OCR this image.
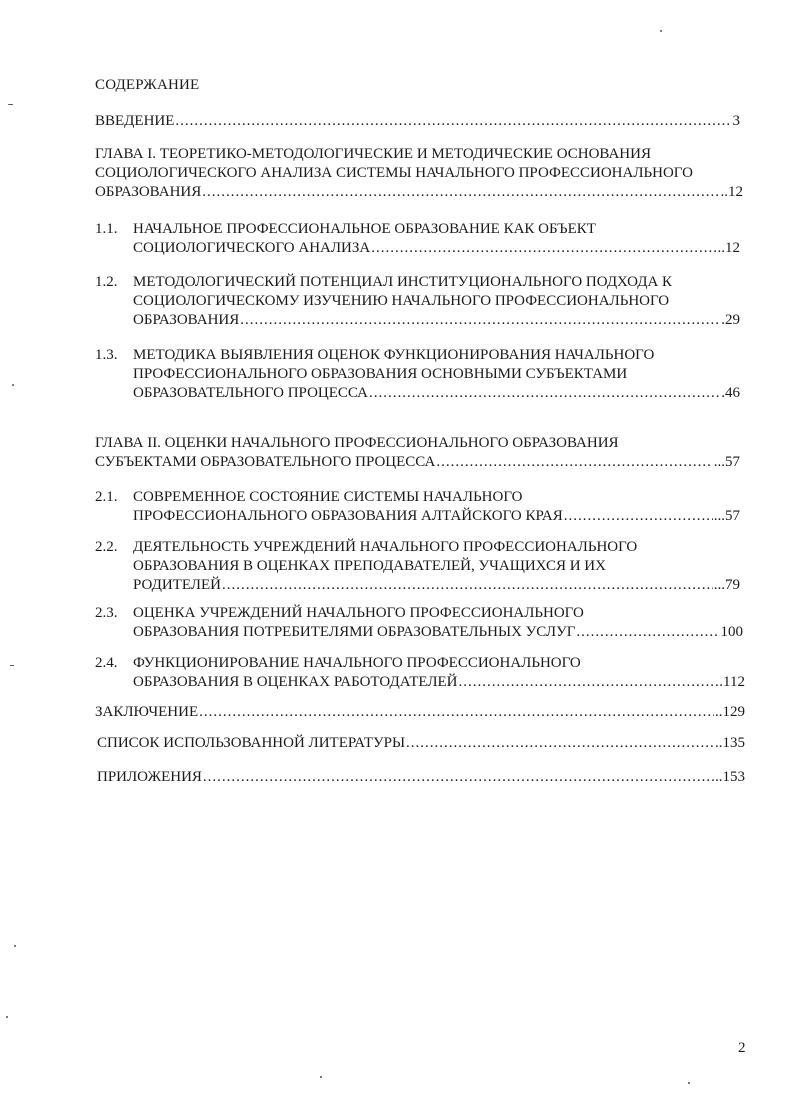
СОДЕРЖАНИЕ
ВВЕДЕНИЕ .....	3
ГЛАВА I. ТЕОРЕТИКО-МЕТОДОЛОГИЧЕСКИЕ И МЕТОДИЧЕСКИЕ ОСНОВАНИЯ
СОЦИОЛОГИЧЕСКОГО АНАЛИЗА СИСТЕМЫ НАЧАЛЬНОГО ПРОФЕССИОНАЛЬНОГО
ОБРАЗОВАНИЯ .....	..12
1.1. НАЧАЛЬНОЕ ПРОФЕССИОНАЛЬНОЕ ОБРАЗОВАНИЕ КАК ОБЪЕКТ
СОЦИОЛОГИЧЕСКОГО АНАЛИЗА .....	..12
1.2. МЕТОДОЛОГИЧЕСКИЙ ПОТЕНЦИАЛ ИНСТИТУЦИОНАЛЬНОГО ПОДХОДА К
СОЦИОЛОГИЧЕСКОМУ ИЗУЧЕНИЮ НАЧАЛЬНОГО ПРОФЕССИОНАЛЬНОГО
ОБРАЗОВАНИЯ .....	.29
1.3. МЕТОДИКА ВЫЯВЛЕНИЯ ОЦЕНОК ФУНКЦИОНИРОВАНИЯ НАЧАЛЬНОГО
ПРОФЕССИОНАЛЬНОГО ОБРАЗОВАНИЯ ОСНОВНЫМИ СУБЪЕКТАМИ
ОБРАЗОВАТЕЛЬНОГО ПРОЦЕССА .....	.46
ГЛАВА II. ОЦЕНКИ НАЧАЛЬНОГО ПРОФЕССИОНАЛЬНОГО ОБРАЗОВАНИЯ
СУБЪЕКТАМИ ОБРАЗОВАТЕЛЬНОГО ПРОЦЕССА .....	...57
2.1. СОВРЕМЕННОЕ СОСТОЯНИЕ СИСТЕМЫ НАЧАЛЬНОГО
ПРОФЕССИОНАЛЬНОГО ОБРАЗОВАНИЯ АЛТАЙСКОГО КРАЯ .....	...57
2.2. ДЕЯТЕЛЬНОСТЬ УЧРЕЖДЕНИЙ НАЧАЛЬНОГО ПРОФЕССИОНАЛЬНОГО
ОБРАЗОВАНИЯ В ОЦЕНКАХ ПРЕПОДАВАТЕЛЕЙ, УЧАЩИХСЯ И ИХ
РОДИТЕЛЕЙ .....	...79
2.3. ОЦЕНКА УЧРЕЖДЕНИЙ НАЧАЛЬНОГО ПРОФЕССИОНАЛЬНОГО
ОБРАЗОВАНИЯ ПОТРЕБИТЕЛЯМИ ОБРАЗОВАТЕЛЬНЫХ УСЛУГ .....	100
2.4. ФУНКЦИОНИРОВАНИЕ НАЧАЛЬНОГО ПРОФЕССИОНАЛЬНОГО
ОБРАЗОВАНИЯ В ОЦЕНКАХ РАБОТОДАТЕЛЕЙ .....	.112
ЗАКЛЮЧЕНИЕ .....	..129
СПИСОК ИСПОЛЬЗОВАННОЙ ЛИТЕРАТУРЫ .....	..135
ПРИЛОЖЕНИЯ .....	..153
2
